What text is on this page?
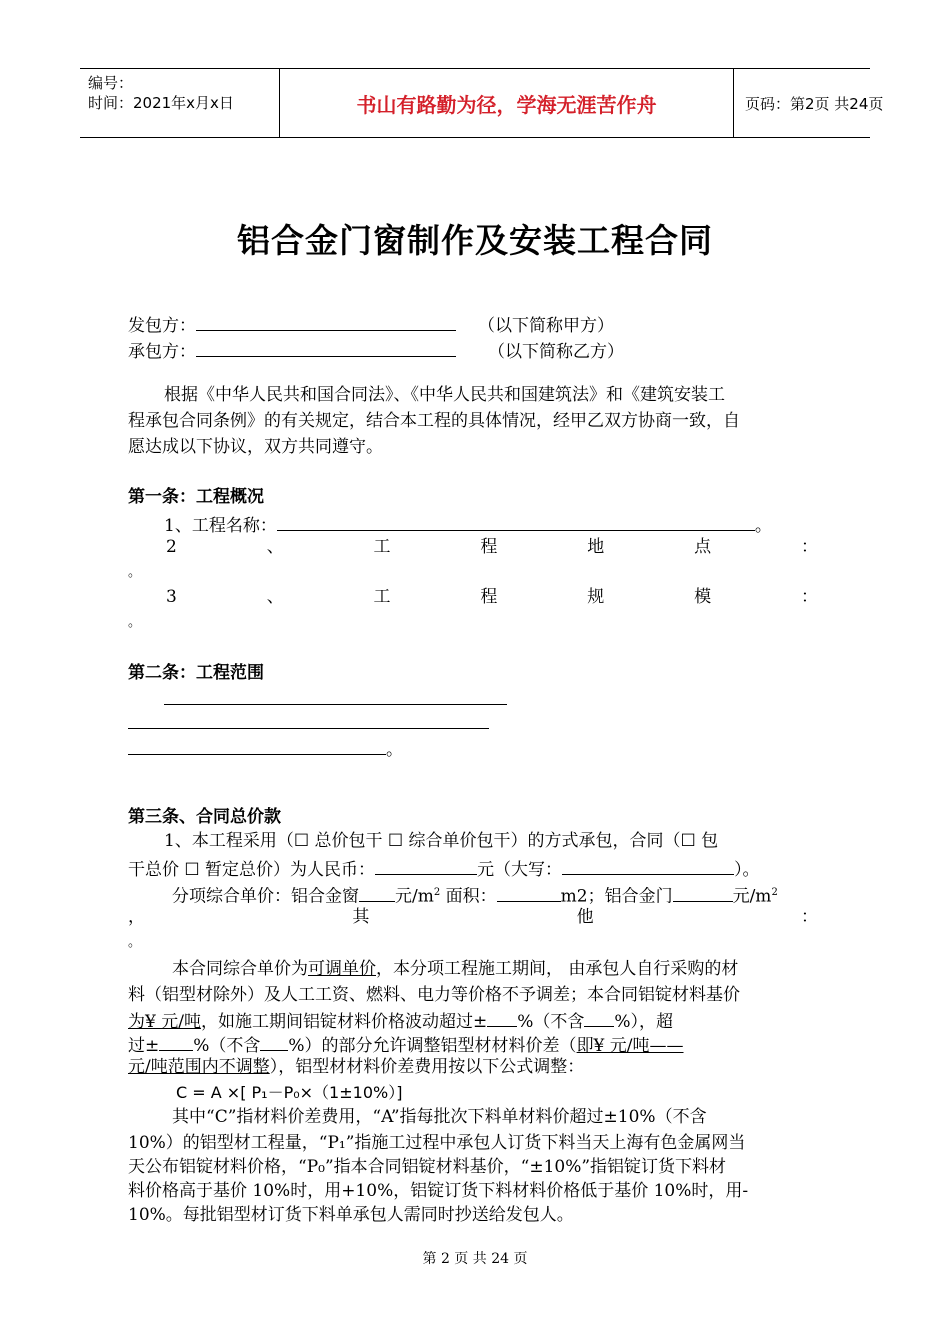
编号：
时间：2021年x月x日	书山有路勤为径，学海无涯苦作舟	页码：第2页 共24页
铝合金门窗制作及安装工程合同
发包方：	（以下简称甲方）
承包方：	（以下简称乙方）
根据《中华人民共和国合同法》、《中华人民共和国建筑法》和《建筑安装工
程承包合同条例》的有关规定，结合本工程的具体情况，经甲乙双方协商一致，自
愿达成以下协议，双方共同遵守。
第一条：工程概况
1、工程名称：	。
2	、	工	程	地	点	：
。
3	、	工	程	规	模	：
。
第二条：工程范围
。
第三条、合同总价款
1、本工程采用（☐ 总价包干 ☐ 综合单价包干）的方式承包，合同（☐ 包
干总价 ☐ 暂定总价）为人民币：	元（大写：	）。
分项综合单价：铝合金窗 元$/m^2$ 面积：	m2；铝合金门	元$/m^2$
，	其	他	：
。
本合同综合单价为可调单价，本分项工程施工期间， 由承包人自行采购的材
料（铝型材除外）及人工工资、燃料、电力等价格不予调差；本合同铝锭材料基价
为¥ 元/吨，如施工期间铝锭材料价格波动超过± %（不含 %），超
过± %（不含 %）的部分允许调整铝型材材料价差（即¥ 元/吨——
元/吨范围内不调整），铝型材材料价差费用按以下公式调整：
C = A ×[ P₁－P₀×（1±10%）]
其中“C”指材料价差费用，“A”指每批次下料单材料价超过±10%（不含
10%）的铝型材工程量，“P₁”指施工过程中承包人订货下料当天上海有色金属网当
天公布铝锭材料价格，“P₀”指本合同铝锭材料基价，“±10%”指铝锭订货下料材
料价格高于基价 10%时，用+10%，铝锭订货下料材料价格低于基价 10%时，用-
10%。每批铝型材订货下料单承包人需同时抄送给发包人。
第 2 页 共 24 页
